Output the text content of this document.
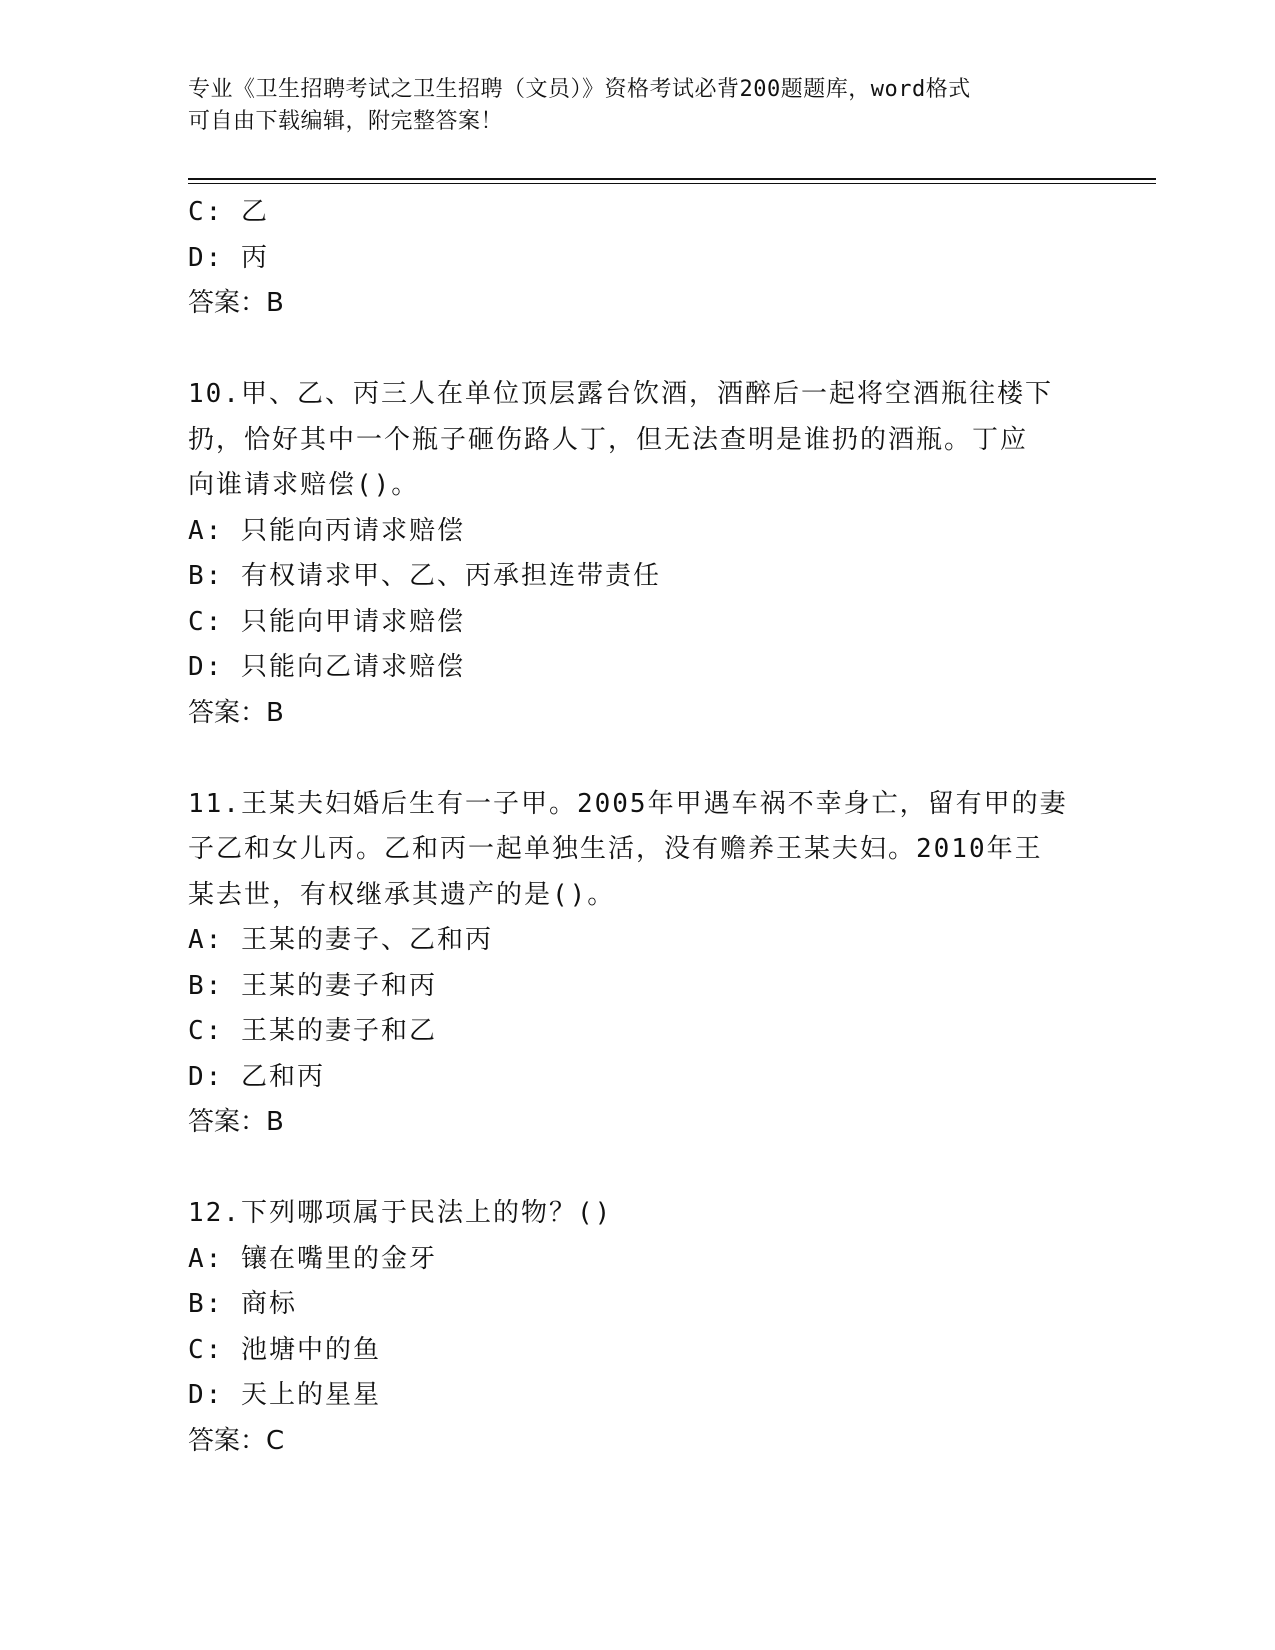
专业《卫生招聘考试之卫生招聘（文员）》资格考试必背200题题库，word格式
可自由下载编辑，附完整答案！
C: 乙
D: 丙
答案：B
10.甲、乙、丙三人在单位顶层露台饮酒，酒醉后一起将空酒瓶往楼下
扔，恰好其中一个瓶子砸伤路人丁，但无法查明是谁扔的酒瓶。丁应
向谁请求赔偿()。
A: 只能向丙请求赔偿
B: 有权请求甲、乙、丙承担连带责任
C: 只能向甲请求赔偿
D: 只能向乙请求赔偿
答案：B
11.王某夫妇婚后生有一子甲。2005年甲遇车祸不幸身亡，留有甲的妻
子乙和女儿丙。乙和丙一起单独生活，没有赡养王某夫妇。2010年王
某去世，有权继承其遗产的是()。
A: 王某的妻子、乙和丙
B: 王某的妻子和丙
C: 王某的妻子和乙
D: 乙和丙
答案：B
12.下列哪项属于民法上的物？()
A: 镶在嘴里的金牙
B: 商标
C: 池塘中的鱼
D: 天上的星星
答案：C
